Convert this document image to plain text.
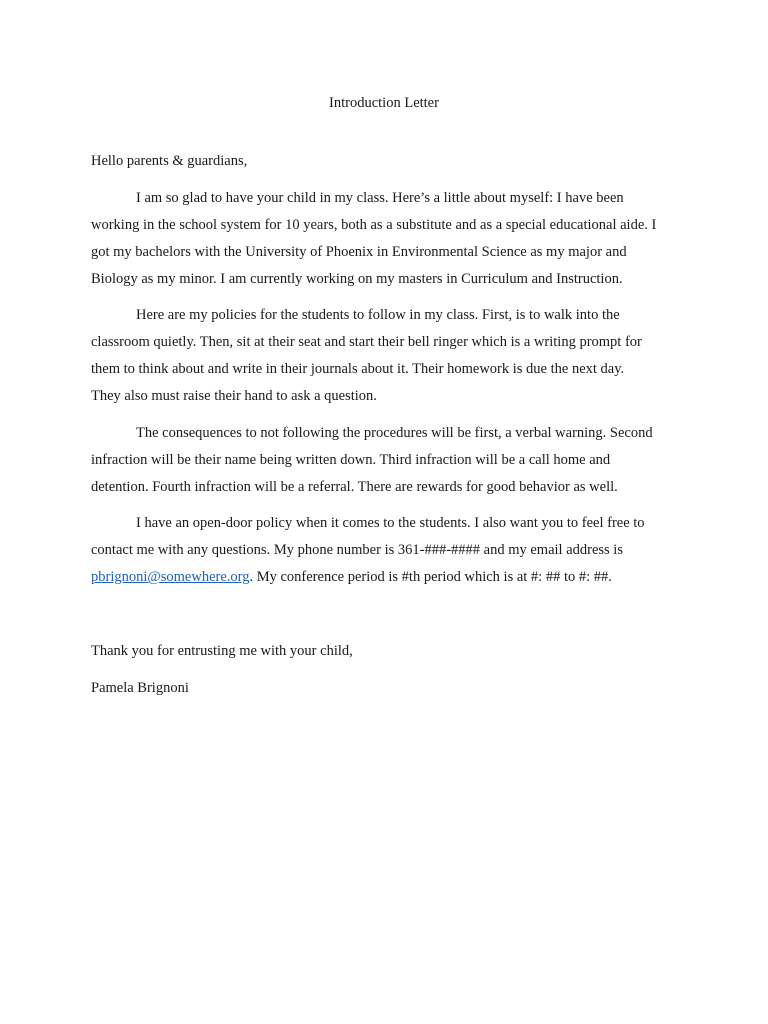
Introduction Letter

Hello parents & guardians,

I am so glad to have your child in my class. Here’s a little about myself: I have been
working in the school system for 10 years, both as a substitute and as a special educational aide. I
got my bachelors with the University of Phoenix in Environmental Science as my major and
Biology as my minor. I am currently working on my masters in Curriculum and Instruction.

Here are my policies for the students to follow in my class. First, is to walk into the
classroom quietly. Then, sit at their seat and start their bell ringer which is a writing prompt for
them to think about and write in their journals about it. Their homework is due the next day.
They also must raise their hand to ask a question.

The consequences to not following the procedures will be first, a verbal warning. Second
infraction will be their name being written down. Third infraction will be a call home and
detention. Fourth infraction will be a referral. There are rewards for good behavior as well.

I have an open-door policy when it comes to the students. I also want you to feel free to
contact me with any questions. My phone number is 361-###-#### and my email address is
pbrignoni@somewhere.org. My conference period is #th period which is at #: ## to #: ##.

Thank you for entrusting me with your child,

Pamela Brignoni
